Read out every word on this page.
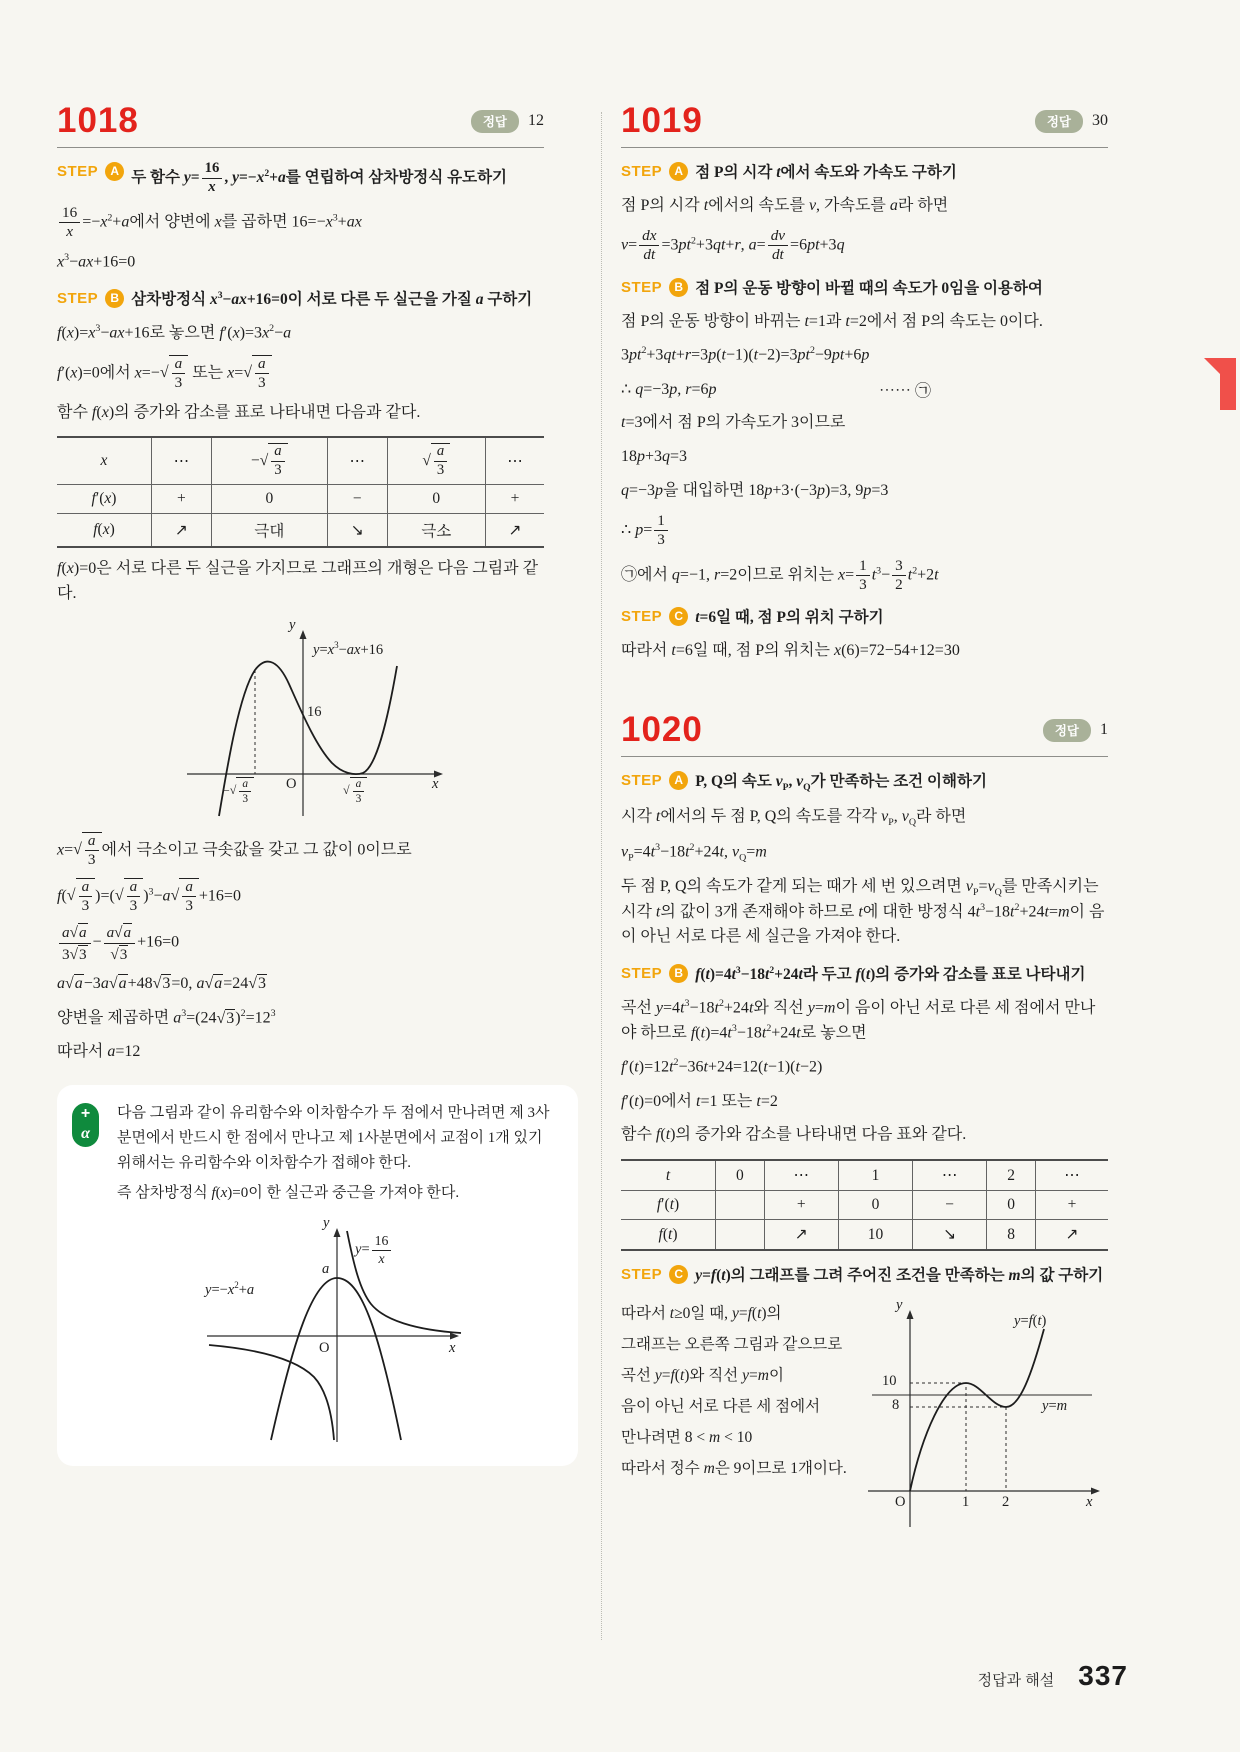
1018	정답	12
STEP	A 두 함수 $y= \frac{16}{x}$ , $y=-x^2+a$를 연립하여 삼차방정식 유도하기

$\frac{16}{x} =-x^2+a$에서 양변에 x를 곱하면 $16=-x^3+ax$

$x^3-ax+16=0$

STEP	B 삼차방정식 $x^3-ax+16=0$이 서로 다른 두 실근을 가질 a 구하기

$f(x)=x^3-ax+16$로 놓으면 $f'(x)=3x^2-a$

f′(x)=0에서 $x=-√ \frac{a}{3}$ 또는 $x=√ \frac{a}{3}$

함수 f(x)의 증가와 감소를 표로 나타내면 다음과 같다.

x	⋯	−√ $\frac{a}{3}$	⋯	√ $\frac{a}{3}$	⋯
f′(x)	+	0	−	0	+
f(x)	↗	극대	↘	극소	↗

f(x)=0은 서로 다른 두 실근을 가지므로 그래프의 개형은 다음 그림과 같다.

y
x
O
16
$y=x^3-ax+16$
−√ $\frac{a}{3}$	√ $\frac{a}{3}$

$x=√ \frac{a}{3}$ 에서 극소이고 극솟값을 갖고 그 값이 0이므로

$f(√ \frac{a}{3}$ )=(√ $\frac{a}{3} )^3-a√ \frac{a}{3} +16=0$

$\frac{a√a}{3√3} - \frac{a√a}{√3} +16=0$

a√a−3a√a+48√3=0, a√a=24√3

양변을 제곱하면 $a^3=(24√3)^2=12^3$

따라서 a=12

+
α

다음 그림과 같이 유리함수와 이차함수가 두 점에서 만나려면 제 3사분면에서 반드시 한 점에서 만나고 제 1사분면에서 교점이 1개 있기 위해서는 유리함수와 이차함수가 접해야 한다.

즉 삼차방정식 f(x)=0이 한 실근과 중근을 가져야 한다.

y
x
O
a
$y= \frac{16}{x}$
$y=-x^2+a$
1019	정답	30
STEP	A 점 P의 시각 t에서 속도와 가속도 구하기

점 P의 시각 t에서의 속도를 v, 가속도를 a라 하면

$v= \frac{dx}{dt} =3pt^2+3qt+r$, $a= \frac{dv}{dt} =6pt+3q$

STEP	B 점 P의 운동 방향이 바뀔 때의 속도가 0임을 이용하여

점 P의 운동 방향이 바뀌는 t=1과 t=2에서 점 P의 속도는 0이다.

$3pt^2+3qt+r=3p(t-1)(t-2)=3pt^2-9pt+6p$

∴ q=−3p, r=6p	⋯⋯ ㉠

t=3에서 점 P의 가속도가 3이므로

18p+3q=3

q=−3p을 대입하면 18p+3·(−3p)=3, 9p=3

∴ $p= \frac{1}{3}$

㉠에서 q=−1, r=2이므로 위치는 $x= \frac{1}{3} t^3- \frac{3}{2} t^2+2t$

STEP	C t=6일 때, 점 P의 위치 구하기

따라서 t=6일 때, 점 P의 위치는 x(6)=72−54+12=30

1020	정답	1
STEP	A P, Q의 속도 $v_P$, $v_Q$가 만족하는 조건 이해하기

시각 t에서의 두 점 P, Q의 속도를 각각 $v_P$, $v_Q$라 하면

$v_P=4t^3-18t^2+24t$, $v_Q=m$

두 점 P, Q의 속도가 같게 되는 때가 세 번 있으려면 $v_P=v_Q$를 만족시키는 시각 t의 값이 3개 존재해야 하므로 t에 대한 방정식 $4t^3-18t^2+24t=m$이 음이 아닌 서로 다른 세 실근을 가져야 한다.

STEP	B $f(t)=4t^3-18t^2+24t$라 두고 f(t)의 증가와 감소를 표로 나타내기

곡선 $y=4t^3-18t^2+24t$와 직선 y=m이 음이 아닌 서로 다른 세 점에서 만나야 하므로 $f(t)=4t^3-18t^2+24t$로 놓으면

$f'(t)=12t^2-36t+24=12(t-1)(t-2)$

f′(t)=0에서 t=1 또는 t=2

함수 f(t)의 증가와 감소를 나타내면 다음 표와 같다.

t	0	⋯	1	⋯	2	⋯
f′(t)		+	0	−	0	+
f(t)		↗	10	↘	8	↗
STEP	C y=f(t)의 그래프를 그려 주어진 조건을 만족하는 m의 값 구하기

따라서 t≥0일 때, y=f(t)의

그래프는 오른쪽 그림과 같으므로

곡선 y=f(t)와 직선 y=m이

음이 아닌 서로 다른 세 점에서

만나려면 8 < m < 10

따라서 정수 m은 9이므로 1개이다.

y
x
O	1 2
10
8
y=f(t)
y=m
정답과 해설 337
